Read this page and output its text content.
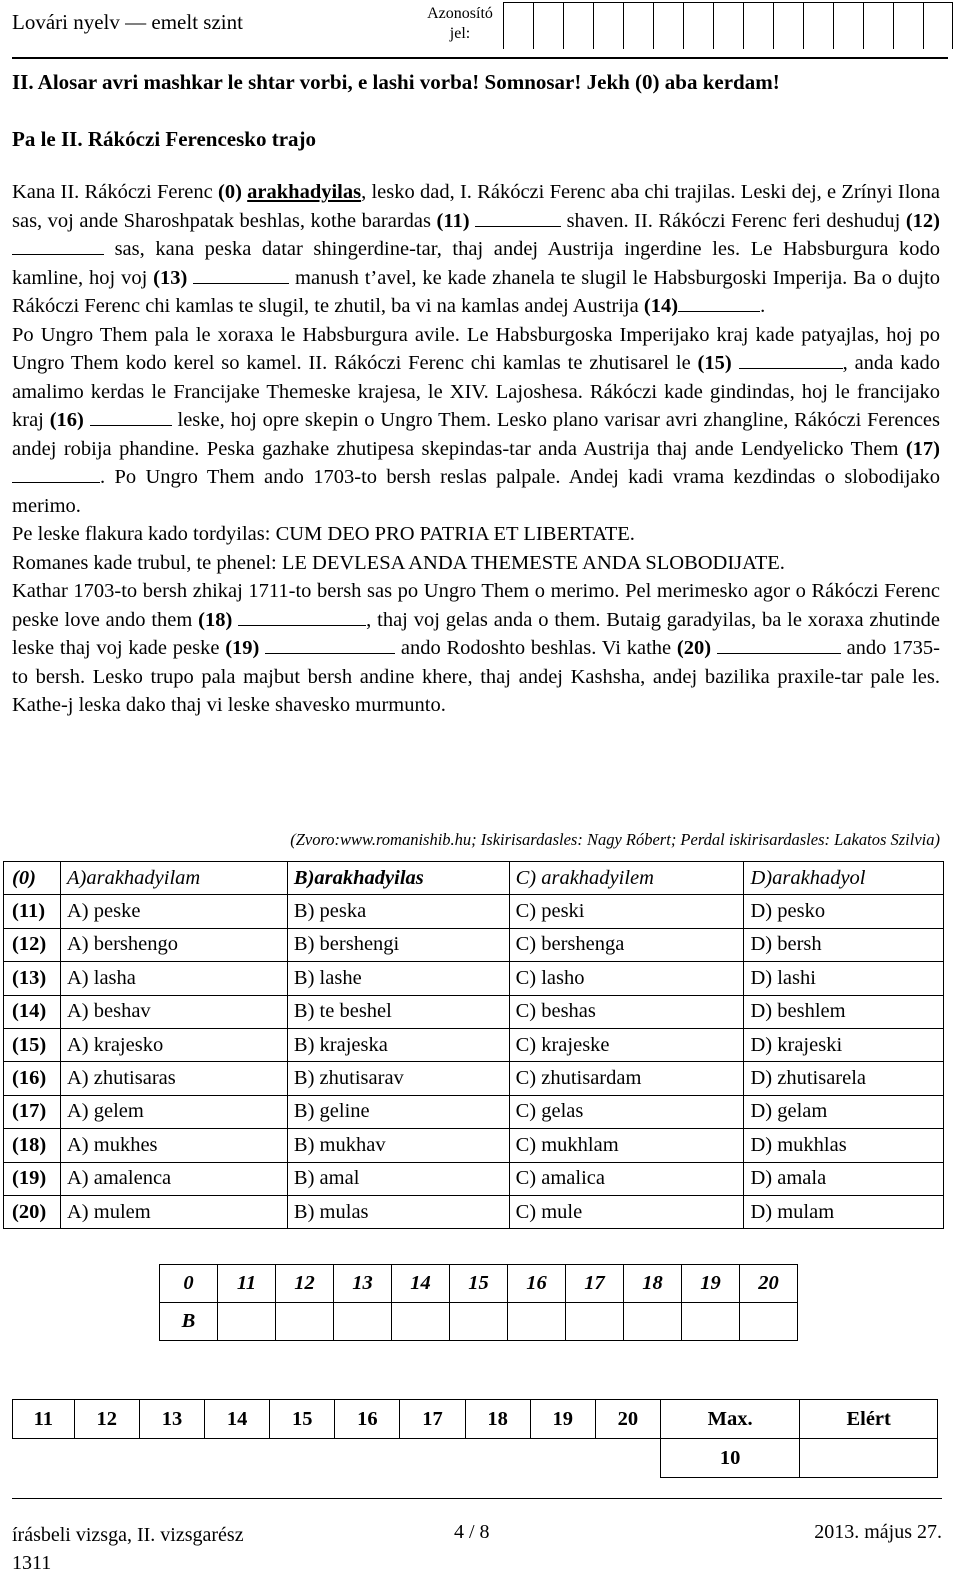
Lovári nyelv — emelt szint	Azonosító
jel:
II. Alosar avri mashkar le shtar vorbi, e lashi vorba! Somnosar! Jekh (0) aba kerdam!
Pa le II. Rákóczi Ferencesko trajo

Kana II. Rákóczi Ferenc (0) arakhadyilas, lesko dad, I. Rákóczi Ferenc aba chi trajilas. Leski dej, e Zrínyi Ilona sas, voj ande Sharoshpatak beshlas, kothe barardas (11)	shaven. II. Rákóczi Ferenc feri deshuduj (12)  sas, kana peska datar shingerdine-tar, thaj andej Austrija ingerdine les. Le Habsburgura kodo kamline, hoj voj (13)	manush t’avel, ke kade zhanela te slugil le Habsburgoski Imperija. Ba o dujto Rákóczi Ferenc chi kamlas te slugil, te zhutil, ba vi na kamlas andej Austrija (14)	.

Po Ungro Them pala le xoraxa le Habsburgura avile. Le Habsburgoska Imperijako kraj kade patyajlas, hoj po Ungro Them kodo kerel so kamel. II. Rákóczi Ferenc chi kamlas te zhutisarel le (15)	, anda kado amalimo kerdas le Francijake Themeske krajesa, le XIV. Lajoshesa. Rákóczi kade gindindas, hoj le francijako kraj (16)	leske, hoj opre skepin o Ungro Them. Lesko plano varisar avri zhangline, Rákóczi Ferences andej robija phandine. Peska gazhake zhutipesa skepindas-tar anda Austrija thaj ande Lendyelicko Them (17) . Po Ungro Them ando 1703-to bersh reslas palpale. Andej kadi vrama kezdindas o slobodijako merimo.

Pe leske flakura kado tordyilas: CUM DEO PRO PATRIA ET LIBERTATE.

Romanes kade trubul, te phenel: LE DEVLESA ANDA THEMESTE ANDA SLOBODIJATE.

Kathar 1703-to bersh zhikaj 1711-to bersh sas po Ungro Them o merimo. Pel merimesko agor o Rákóczi Ferenc peske love ando them (18)	, thaj voj gelas anda o them. Butaig garadyilas, ba le xoraxa zhutinde leske thaj voj kade peske (19)	ando Rodoshto beshlas. Vi kathe (20)	ando 1735-to bersh. Lesko trupo pala majbut bersh andine khere, thaj andej Kashsha, andej bazilika praxile-tar pale les. Kathe-j leska dako thaj vi leske shavesko murmunto.

(Zvoro:www.romanishib.hu; Iskirisardasles: Nagy Róbert; Perdal iskirisardasles: Lakatos Szilvia)
(0)	A)arakhadyilam	B)arakhadyilas	C) arakhadyilem	D)arakhadyol
(11)	A) peske	B) peska	C) peski	D) pesko
(12)	A) bershengo	B) bershengi	C) bershenga	D) bersh
(13)	A) lasha	B) lashe	C) lasho	D) lashi
(14)	A) beshav	B) te beshel	C) beshas	D) beshlem
(15)	A) krajesko	B) krajeska	C) krajeske	D) krajeski
(16)	A) zhutisaras	B) zhutisarav	C) zhutisardam	D) zhutisarela
(17)	A) gelem	B) geline	C) gelas	D) gelam
(18)	A) mukhes	B) mukhav	C) mukhlam	D) mukhlas
(19)	A) amalenca	B) amal	C) amalica	D) amala
(20)	A) mulem	B) mulas	C) mule	D) mulam
0	11	12	13	14	15	16	17	18	19	20
B										
11	12	13	14	15	16	17	18	19	20	Max.	Elért
										10	
írásbeli vizsga, II. vizsgarész
1311
4 / 8	2013. május 27.
